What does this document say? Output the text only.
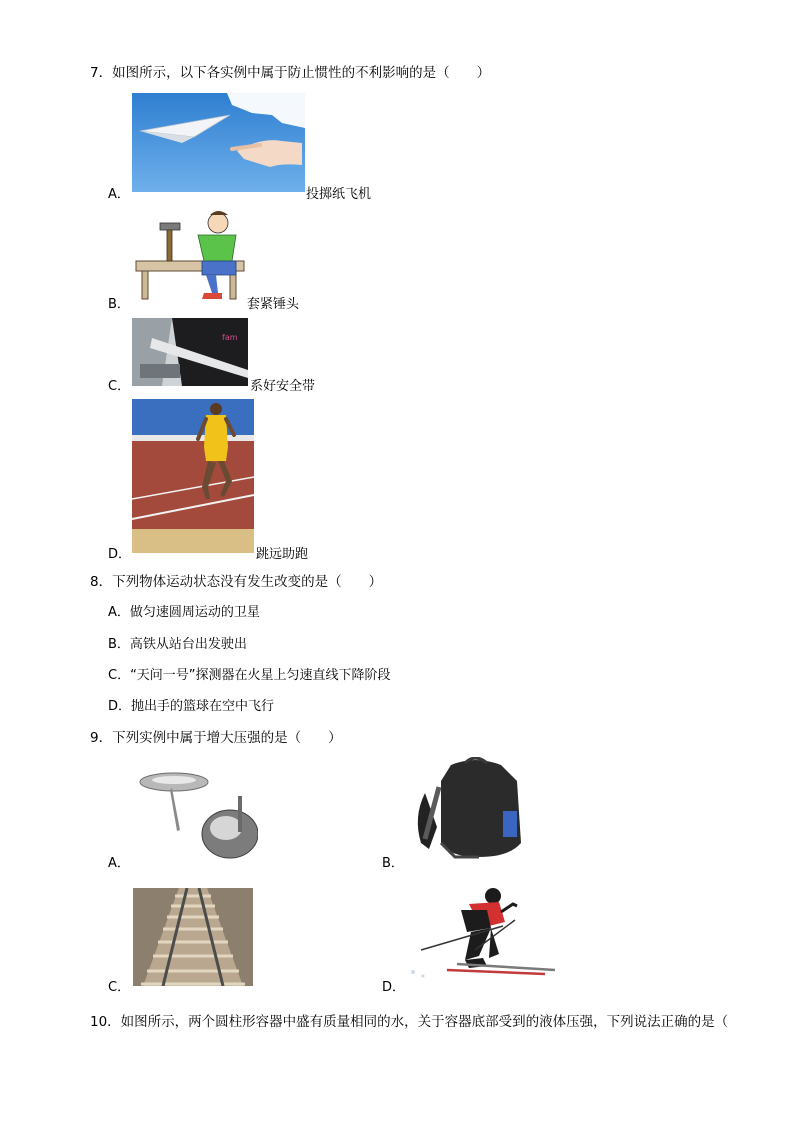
7．如图所示，以下各实例中属于防止惯性的不利影响的是（　　）
A．	投掷纸飞机
B．	套紧锤头
C．
fam
系好安全带
D．	跳远助跑
8．下列物体运动状态没有发生改变的是（　　）
A．做匀速圆周运动的卫星
B．高铁从站台出发驶出
C．“天问一号”探测器在火星上匀速直线下降阶段
D．抛出手的篮球在空中飞行
9．下列实例中属于增大压强的是（　　）
A．	B．
C．	D．
10．如图所示，两个圆柱形容器中盛有质量相同的水，关于容器底部受到的液体压强，下列说法正确的是（
